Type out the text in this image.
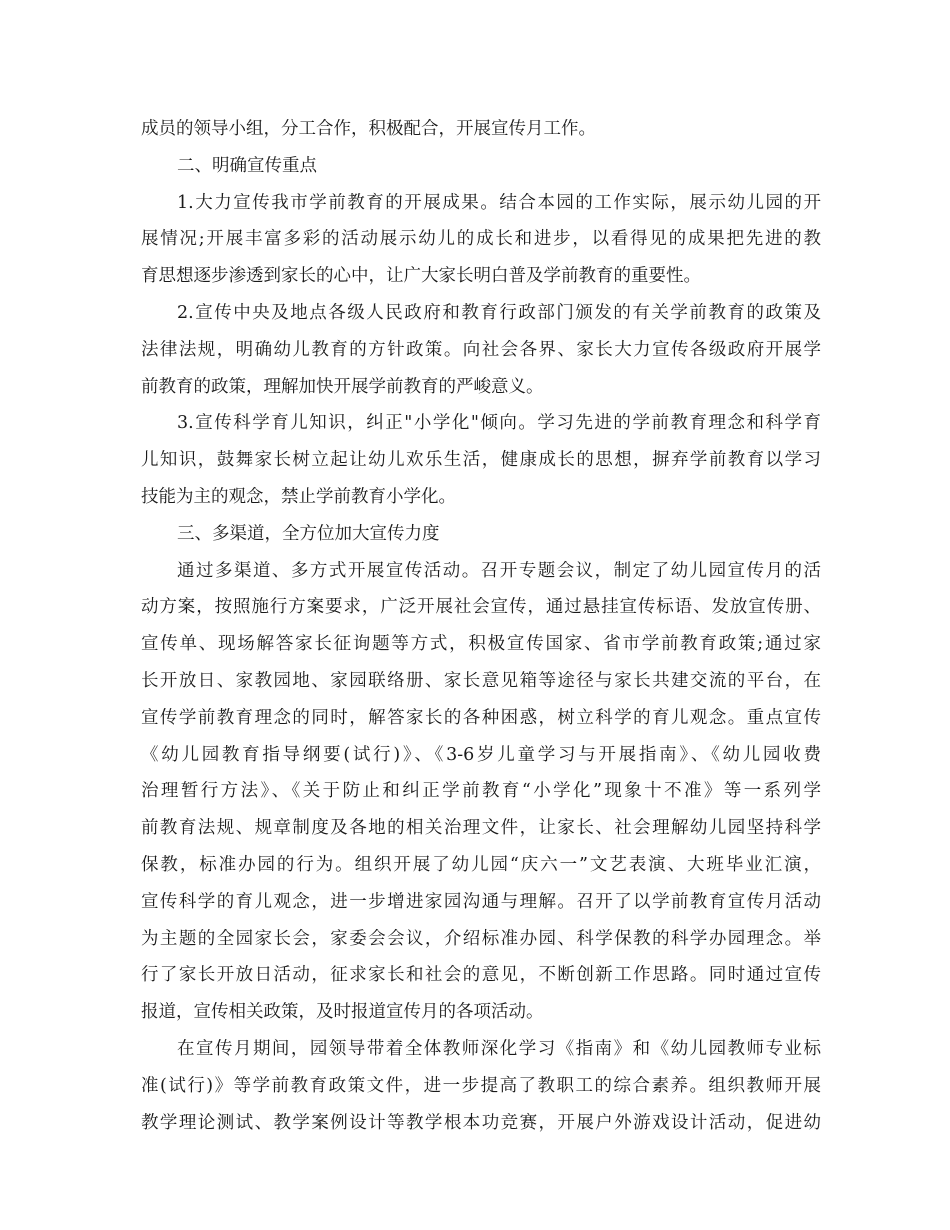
成员的领导小组，分工合作，积极配合，开展宣传月工作。
二、明确宣传重点
1.大力宣传我市学前教育的开展成果。结合本园的工作实际，展示幼儿园的开
展情况;开展丰富多彩的活动展示幼儿的成长和进步，以看得见的成果把先进的教
育思想逐步渗透到家长的心中，让广大家长明白普及学前教育的重要性。
2.宣传中央及地点各级人民政府和教育行政部门颁发的有关学前教育的政策及
法律法规，明确幼儿教育的方针政策。向社会各界、家长大力宣传各级政府开展学
前教育的政策，理解加快开展学前教育的严峻意义。
3.宣传科学育儿知识，纠正"小学化"倾向。学习先进的学前教育理念和科学育
儿知识，鼓舞家长树立起让幼儿欢乐生活，健康成长的思想，摒弃学前教育以学习
技能为主的观念，禁止学前教育小学化。
三、多渠道，全方位加大宣传力度
通过多渠道、多方式开展宣传活动。召开专题会议，制定了幼儿园宣传月的活
动方案，按照施行方案要求，广泛开展社会宣传，通过悬挂宣传标语、发放宣传册、
宣传单、现场解答家长征询题等方式，积极宣传国家、省市学前教育政策;通过家
长开放日、家教园地、家园联络册、家长意见箱等途径与家长共建交流的平台，在
宣传学前教育理念的同时，解答家长的各种困惑，树立科学的育儿观念。重点宣传
《幼儿园教育指导纲要(试行)》、《3-6岁儿童学习与开展指南》、《幼儿园收费
治理暂行方法》、《关于防止和纠正学前教育“小学化”现象十不准》等一系列学
前教育法规、规章制度及各地的相关治理文件，让家长、社会理解幼儿园坚持科学
保教，标准办园的行为。组织开展了幼儿园“庆六一”文艺表演、大班毕业汇演，
宣传科学的育儿观念，进一步增进家园沟通与理解。召开了以学前教育宣传月活动
为主题的全园家长会，家委会会议，介绍标准办园、科学保教的科学办园理念。举
行了家长开放日活动，征求家长和社会的意见，不断创新工作思路。同时通过宣传
报道，宣传相关政策，及时报道宣传月的各项活动。
在宣传月期间，园领导带着全体教师深化学习《指南》和《幼儿园教师专业标
准(试行)》等学前教育政策文件，进一步提高了教职工的综合素养。组织教师开展
教学理论测试、教学案例设计等教学根本功竞赛，开展户外游戏设计活动，促进幼
